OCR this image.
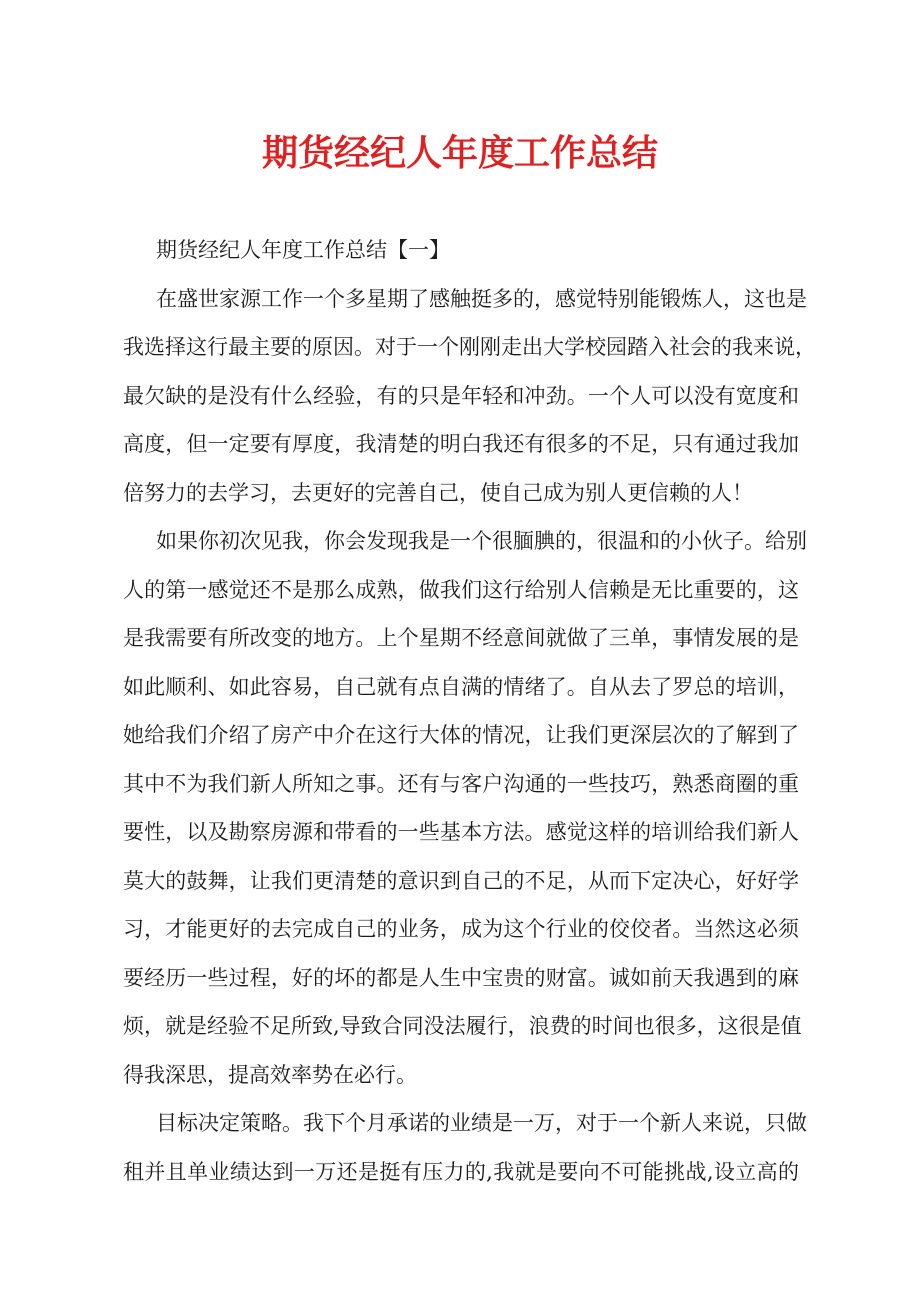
期货经纪人年度工作总结

期货经纪人年度工作总结【一】

在盛世家源工作一个多星期了感触挺多的，感觉特别能锻炼人，这也是
我选择这行最主要的原因。对于一个刚刚走出大学校园踏入社会的我来说，
最欠缺的是没有什么经验，有的只是年轻和冲劲。一个人可以没有宽度和
高度，但一定要有厚度，我清楚的明白我还有很多的不足，只有通过我加
倍努力的去学习，去更好的完善自己，使自己成为别人更信赖的人！

如果你初次见我，你会发现我是一个很腼腆的，很温和的小伙子。给别
人的第一感觉还不是那么成熟，做我们这行给别人信赖是无比重要的，这
是我需要有所改变的地方。上个星期不经意间就做了三单，事情发展的是
如此顺利、如此容易，自己就有点自满的情绪了。自从去了罗总的培训，
她给我们介绍了房产中介在这行大体的情况，让我们更深层次的了解到了
其中不为我们新人所知之事。还有与客户沟通的一些技巧，熟悉商圈的重
要性，以及勘察房源和带看的一些基本方法。感觉这样的培训给我们新人
莫大的鼓舞，让我们更清楚的意识到自己的不足，从而下定决心，好好学
习，才能更好的去完成自己的业务，成为这个行业的佼佼者。当然这必须
要经历一些过程，好的坏的都是人生中宝贵的财富。诚如前天我遇到的麻
烦，就是经验不足所致,导致合同没法履行，浪费的时间也很多，这很是值
得我深思，提高效率势在必行。

目标决定策略。我下个月承诺的业绩是一万，对于一个新人来说，只做
租并且单业绩达到一万还是挺有压力的,我就是要向不可能挑战,设立高的
